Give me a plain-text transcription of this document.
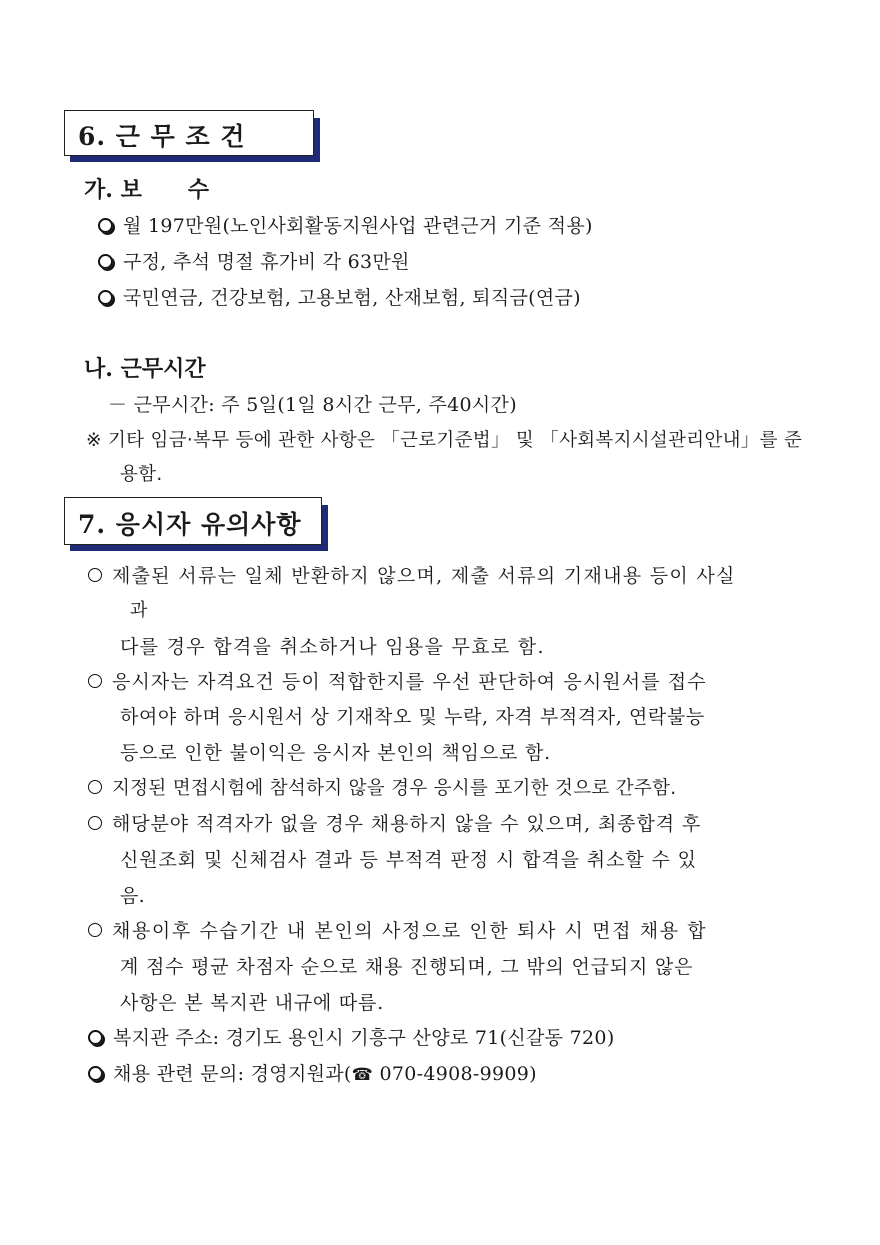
6. 근 무 조 건
가. 보      수
월 197만원(노인사회활동지원사업 관련근거 기준 적용)
구정, 추석 명절 휴가비 각 63만원
국민연금, 건강보험, 고용보험, 산재보험, 퇴직금(연금)
나. 근무시간
－ 근무시간: 주 5일(1일 8시간 근무, 주40시간)
※ 기타 임금·복무 등에 관한 사항은 「근로기준법」 및 「사회복지시설관리안내」를 준
용함.
7. 응시자 유의사항
제출된 서류는 일체 반환하지 않으며, 제출 서류의 기재내용 등이 사실
과
다를 경우 합격을 취소하거나 임용을 무효로 함.
응시자는 자격요건 등이 적합한지를 우선 판단하여 응시원서를 접수
하여야 하며 응시원서 상 기재착오 및 누락, 자격 부적격자, 연락불능
등으로 인한 불이익은 응시자 본인의 책임으로 함.
지정된 면접시험에 참석하지 않을 경우 응시를 포기한 것으로 간주함.
해당분야 적격자가 없을 경우 채용하지 않을 수 있으며, 최종합격 후
신원조회 및 신체검사 결과 등 부적격 판정 시 합격을 취소할 수 있
음.
채용이후 수습기간 내 본인의 사정으로 인한 퇴사 시 면접 채용 합
계 점수 평균 차점자 순으로 채용 진행되며, 그 밖의 언급되지 않은
사항은 본 복지관 내규에 따름.
복지관 주소: 경기도 용인시 기흥구 산양로 71(신갈동 720)
채용 관련 문의: 경영지원과(☎ 070-4908-9909)
